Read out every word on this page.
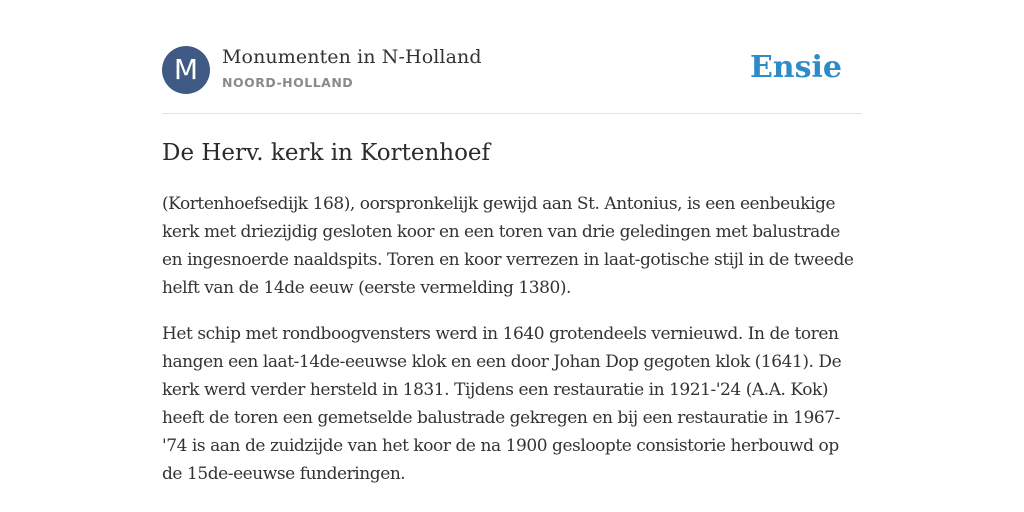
M	Monumenten in N-Holland
NOORD-HOLLAND	Ensie
De Herv. kerk in Kortenhoef

(Kortenhoefsedijk 168), oorspronkelijk gewijd aan St. Antonius, is een eenbeukige kerk met driezijdig gesloten koor en een toren van drie geledingen met balustrade en ingesnoerde naaldspits. Toren en koor verrezen in laat-gotische stijl in de tweede helft van de 14de eeuw (eerste vermelding 1380).

Het schip met rondboogvensters werd in 1640 grotendeels vernieuwd. In de toren hangen een laat-14de-eeuwse klok en een door Johan Dop gegoten klok (1641). De kerk werd verder hersteld in 1831. Tijdens een restauratie in 1921-'24 (A.A. Kok) heeft de toren een gemetselde balustrade gekregen en bij een restauratie in 1967-'74 is aan de zuidzijde van het koor de na 1900 gesloopte consistorie herbouwd op de 15de-eeuwse funderingen.
